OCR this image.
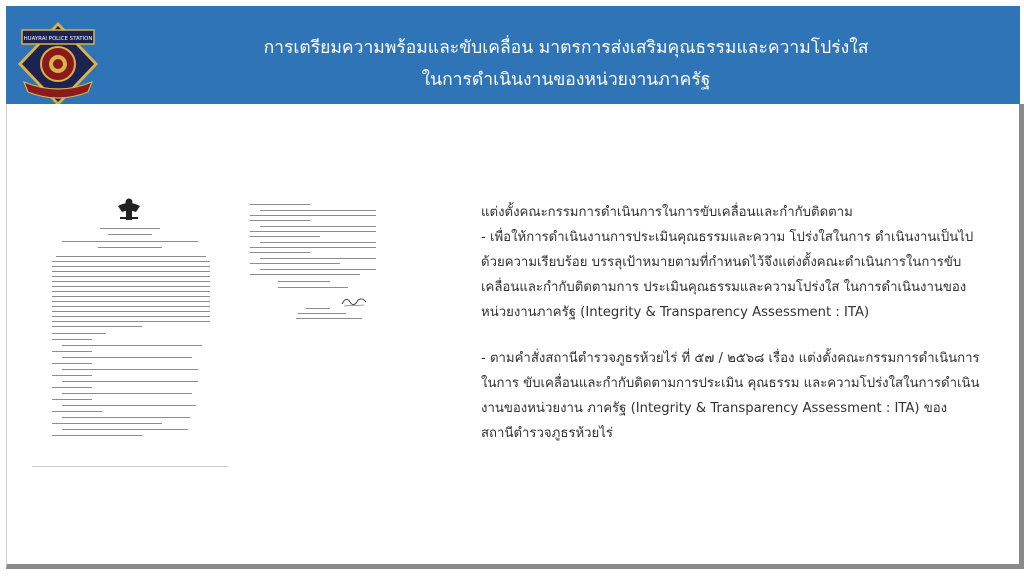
การเตรียมความพร้อมและขับเคลื่อน มาตรการส่งเสริมคุณธรรมและความโปร่งใส
ในการดำเนินงานของหน่วยงานภาครัฐ
HUAYRAI POLICE STATION

แต่งตั้งคณะกรรมการดำเนินการในการขับเคลื่อนและกำกับติดตาม
- เพื่อให้การดำเนินงานการประเมินคุณธรรมและความ โปร่งใสในการ ดำเนินงานเป็นไปด้วยความเรียบร้อย บรรลุเป้าหมายตามที่กำหนดไว้จึงแต่งตั้งคณะดำเนินการในการขับเคลื่อนและกำกับติดตามการ ประเมินคุณธรรมและความโปร่งใส ในการดำเนินงานของหน่วยงานภาครัฐ (Integrity & Transparency Assessment : ITA)

- ตามคำสั่งสถานีตำรวจภูธรห้วยไร่ ที่ ๕๗ / ๒๕๖๘ เรื่อง แต่งตั้งคณะกรรมการดำเนินการในการ ขับเคลื่อนและกำกับติดตามการประเมิน คุณธรรม และความโปร่งใสในการดำเนินงานของหน่วยงาน ภาครัฐ (Integrity & Transparency Assessment : ITA) ของ สถานีตำรวจภูธรห้วยไร่
